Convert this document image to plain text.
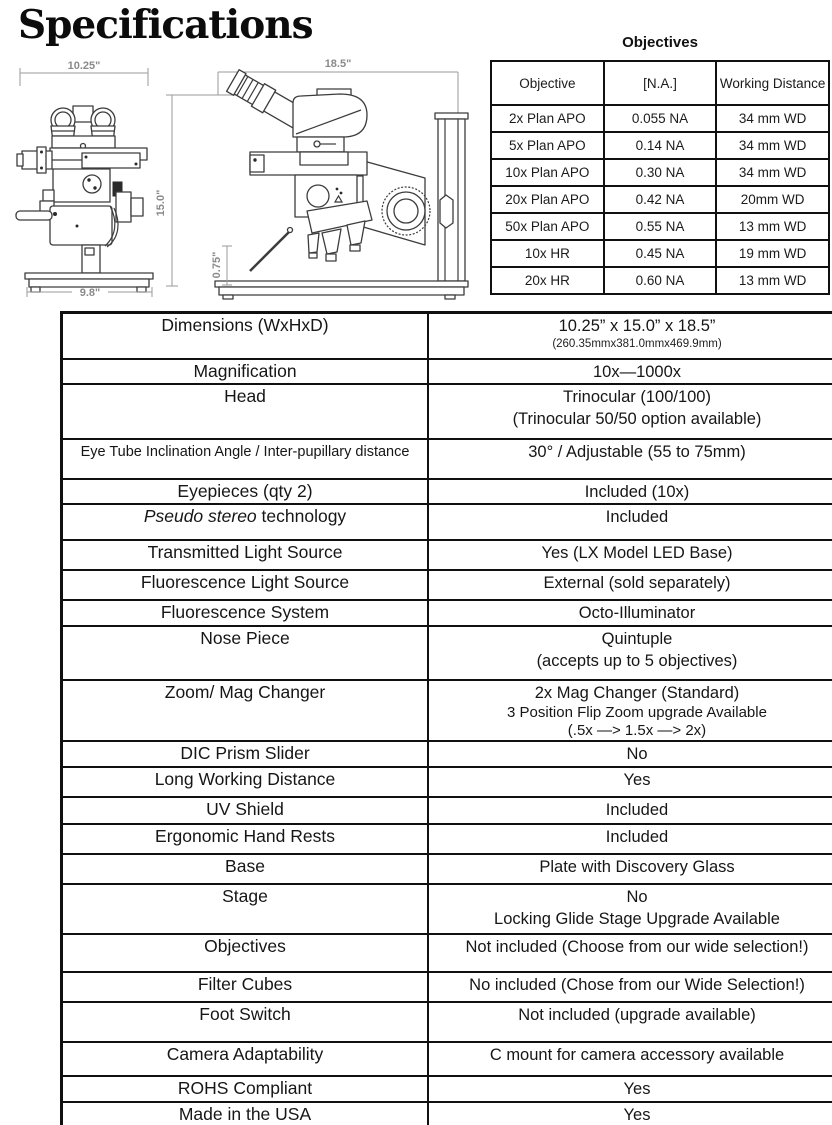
Specifications
10.25"
15.0"
9.8"
18.5"
0.75"
Objectives
Objective	[N.A.]	Working Distance
2x Plan APO	0.055 NA	34 mm WD
5x Plan APO	0.14 NA	34 mm WD
10x Plan APO	0.30 NA	34 mm WD
20x Plan APO	0.42 NA	20mm WD
50x Plan APO	0.55 NA	13 mm WD
10x HR	0.45 NA	19 mm WD
20x HR	0.60 NA	13 mm WD
Dimensions (WxHxD)	10.25” x 15.0” x 18.5”
(260.35mmx381.0mmx469.9mm)

Magnification	10x—1000x

Head	Trinocular (100/100)
(Trinocular 50/50 option available)

Eye Tube Inclination Angle / Inter-pupillary distance	30° / Adjustable (55 to 75mm)

Eyepieces (qty 2)	Included (10x)

Pseudo stereo technology	Included

Transmitted Light Source	Yes (LX Model LED Base)

Fluorescence Light Source	External (sold separately)

Fluorescence System	Octo-Illuminator

Nose Piece	Quintuple
(accepts up to 5 objectives)

Zoom/ Mag Changer	2x Mag Changer (Standard)
3 Position Flip Zoom upgrade Available
(.5x —> 1.5x —> 2x)

DIC Prism Slider	No

Long Working Distance	Yes

UV Shield	Included

Ergonomic Hand Rests	Included

Base	Plate with Discovery Glass

Stage	No
Locking Glide Stage Upgrade Available

Objectives	Not included (Choose from our wide selection!)

Filter Cubes	No included (Chose from our Wide Selection!)

Foot Switch	Not included (upgrade available)

Camera Adaptability	C mount for camera accessory available

ROHS Compliant	Yes

Made in the USA	Yes
